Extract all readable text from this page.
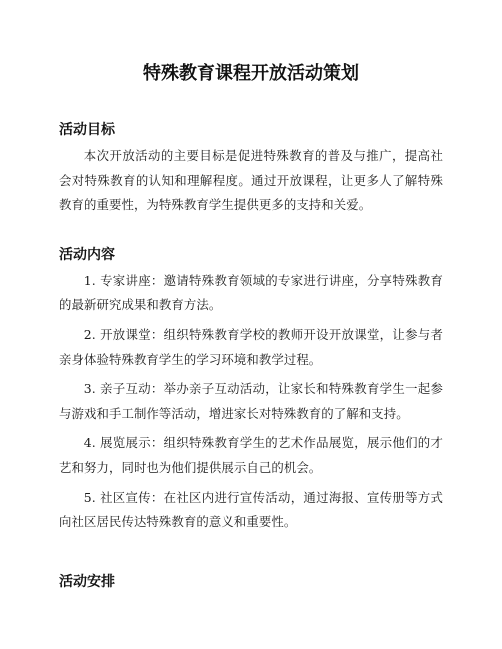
特殊教育课程开放活动策划
活动目标

本次开放活动的主要目标是促进特殊教育的普及与推广，提高社会对特殊教育的认知和理解程度。通过开放课程，让更多人了解特殊教育的重要性，为特殊教育学生提供更多的支持和关爱。

活动内容

1. 专家讲座：邀请特殊教育领域的专家进行讲座，分享特殊教育的最新研究成果和教育方法。

2. 开放课堂：组织特殊教育学校的教师开设开放课堂，让参与者亲身体验特殊教育学生的学习环境和教学过程。

3. 亲子互动：举办亲子互动活动，让家长和特殊教育学生一起参与游戏和手工制作等活动，增进家长对特殊教育的了解和支持。

4. 展览展示：组织特殊教育学生的艺术作品展览，展示他们的才艺和努力，同时也为他们提供展示自己的机会。

5. 社区宣传：在社区内进行宣传活动，通过海报、宣传册等方式向社区居民传达特殊教育的意义和重要性。

活动安排
